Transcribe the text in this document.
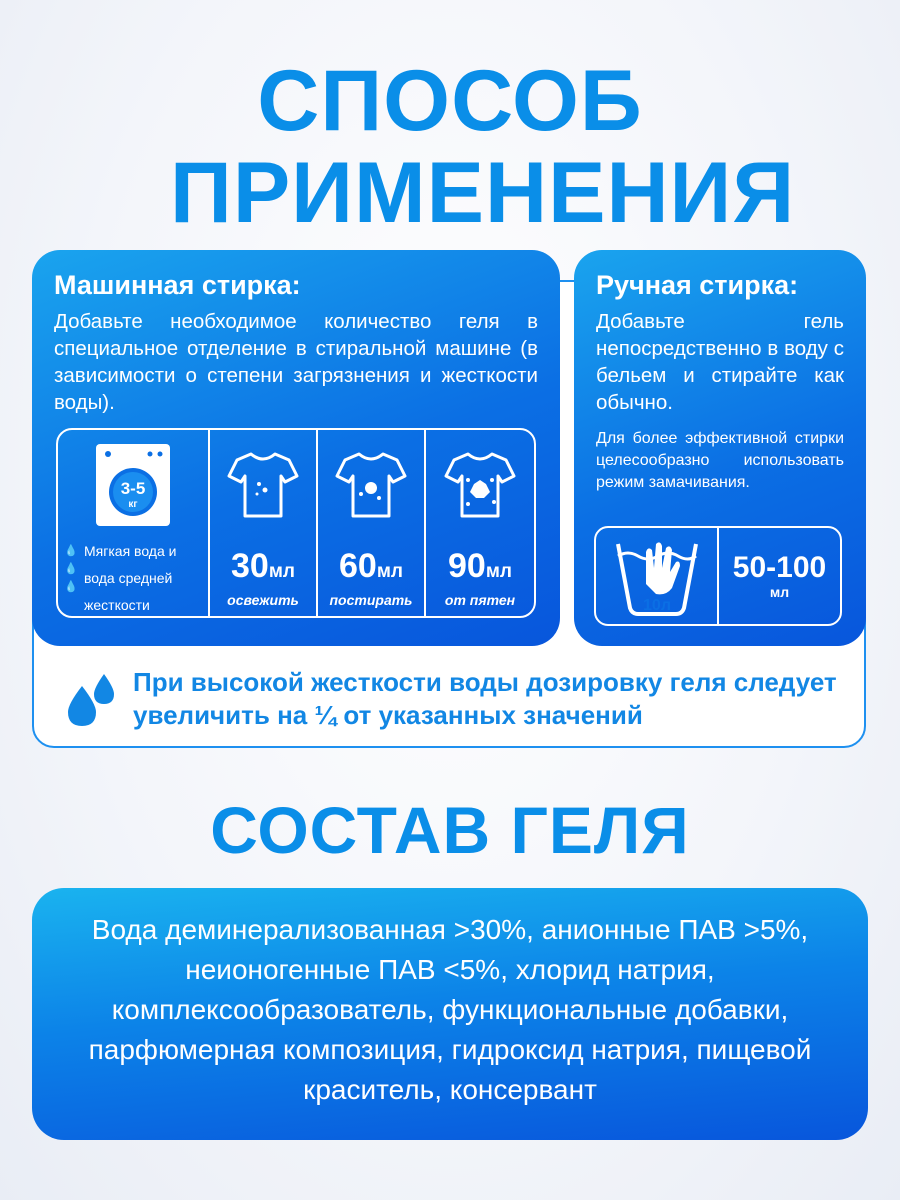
СПОСОБ ПРИМЕНЕНИЯ
Машинная стирка:

Добавьте необходимое количество геля в специальное отделение в стиральной машине (в зависимости о степени загрязнения и жесткости воды).

3-5
кг
💧 Мягкая вода и
💧💧
вода средней
жесткости
30мл
освежить
60мл
постирать
90мл
от пятен
Ручная стирка:

Добавьте гель непосредственно в воду с бельем и стирайте как обычно.

Для более эффективной стирки целесообразно использовать режим замачивания.

10л
50-100
мл
При высокой жесткости воды дозировку геля следует увеличить на ¼ от указанных значений
СОСТАВ ГЕЛЯ
Вода деминерализованная >30%, анионные ПАВ >5%, неионогенные ПАВ <5%, хлорид натрия, комплексообразователь, функциональные добавки, парфюмерная композиция, гидроксид натрия, пищевой краситель, консервант
